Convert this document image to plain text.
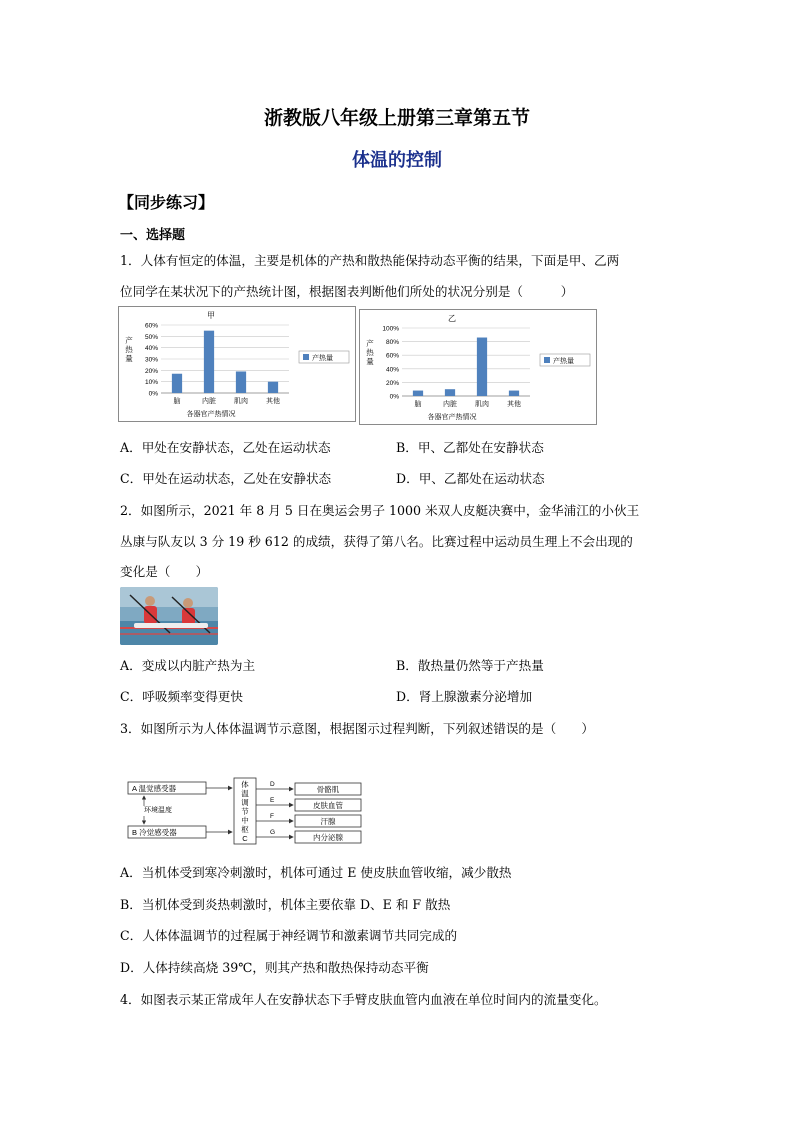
浙教版八年级上册第三章第五节
体温的控制
【同步练习】
一、选择题
1．人体有恒定的体温，主要是机体的产热和散热能保持动态平衡的结果，下面是甲、乙两
位同学在某状况下的产热统计图，根据图表判断他们所处的状况分别是（　　　）
甲
产
热
量
0%
10%
20%
30%
40%
50%
60%
脑	内脏	肌肉	其他
各器官产热情况
产热量
乙
产
热
量
0%
20%
40%
60%
80%
100%
脑	内脏	肌肉	其他
各器官产热情况
产热量
A．甲处在安静状态，乙处在运动状态	B．甲、乙都处在安静状态
C．甲处在运动状态，乙处在安静状态	D．甲、乙都处在运动状态
2．如图所示，2021 年 8 月 5 日在奥运会男子 1000 米双人皮艇决赛中，金华浦江的小伙王
丛康与队友以 3 分 19 秒 612 的成绩，获得了第八名。比赛过程中运动员生理上不会出现的
变化是（　　）
A．变成以内脏产热为主	B．散热量仍然等于产热量
C．呼吸频率变得更快	D．肾上腺激素分泌增加
3．如图所示为人体体温调节示意图，根据图示过程判断，下列叙述错误的是（　　）
A 温觉感受器
B 冷觉感受器
环境温度
体
温
调
节
中
枢
C
D
骨骼肌
E
皮肤血管
F
汗腺
G
内分泌腺
A．当机体受到寒冷刺激时，机体可通过 E 使皮肤血管收缩，减少散热
B．当机体受到炎热刺激时，机体主要依靠 D、E 和 F 散热
C．人体体温调节的过程属于神经调节和激素调节共同完成的
D．人体持续高烧 39℃，则其产热和散热保持动态平衡
4．如图表示某正常成年人在安静状态下手臂皮肤血管内血液在单位时间内的流量变化。
